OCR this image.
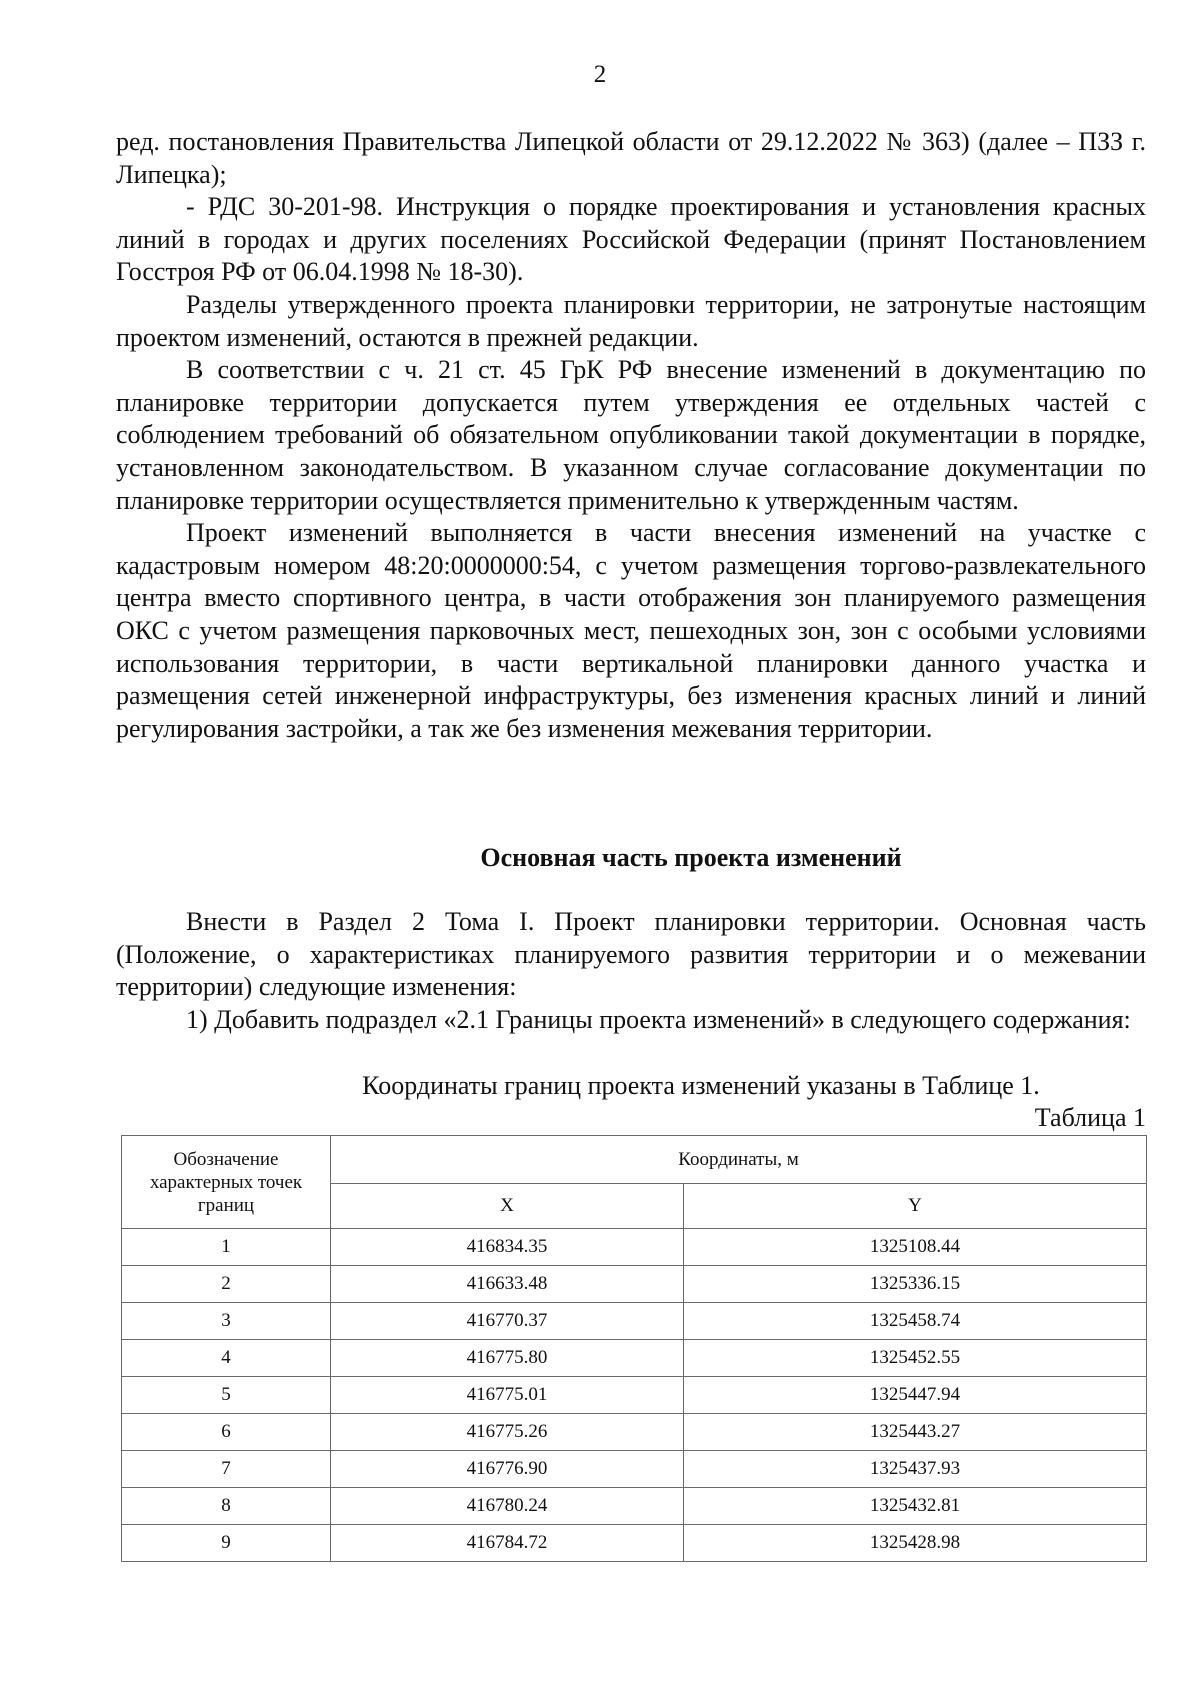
2

ред. постановления Правительства Липецкой области от 29.12.2022 № 363) (далее – ПЗЗ г. Липецка);

- РДС 30-201-98. Инструкция о порядке проектирования и установления красных линий в городах и других поселениях Российской Федерации (принят Постановлением Госстроя РФ от 06.04.1998 № 18-30).

Разделы утвержденного проекта планировки территории, не затронутые настоящим проектом изменений, остаются в прежней редакции.

В соответствии с ч. 21 ст. 45 ГрК РФ внесение изменений в документацию по планировке территории допускается путем утверждения ее отдельных частей с соблюдением требований об обязательном опубликовании такой документации в порядке, установленном законодательством. В указанном случае согласование документации по планировке территории осуществляется применительно к утвержденным частям.

Проект изменений выполняется в части внесения изменений на участке с кадастровым номером 48:20:0000000:54, с учетом размещения торгово-развлекательного центра вместо спортивного центра, в части отображения зон планируемого размещения ОКС с учетом размещения парковочных мест, пешеходных зон, зон с особыми условиями использования территории, в части вертикальной планировки данного участка и размещения сетей инженерной инфраструктуры, без изменения красных линий и линий регулирования застройки, а так же без изменения межевания территории.

Основная часть проекта изменений

Внести в Раздел 2 Тома I. Проект планировки территории. Основная часть (Положение, о характеристиках планируемого развития территории и о межевании территории) следующие изменения:

1) Добавить подраздел «2.1 Границы проекта изменений» в следующего содержания:

Координаты границ проекта изменений указаны в Таблице 1.
Таблица 1
Обозначение характерных точек границ	Координаты, м	
	X	Y
1	416834.35	1325108.44
2	416633.48	1325336.15
3	416770.37	1325458.74
4	416775.80	1325452.55
5	416775.01	1325447.94
6	416775.26	1325443.27
7	416776.90	1325437.93
8	416780.24	1325432.81
9	416784.72	1325428.98
